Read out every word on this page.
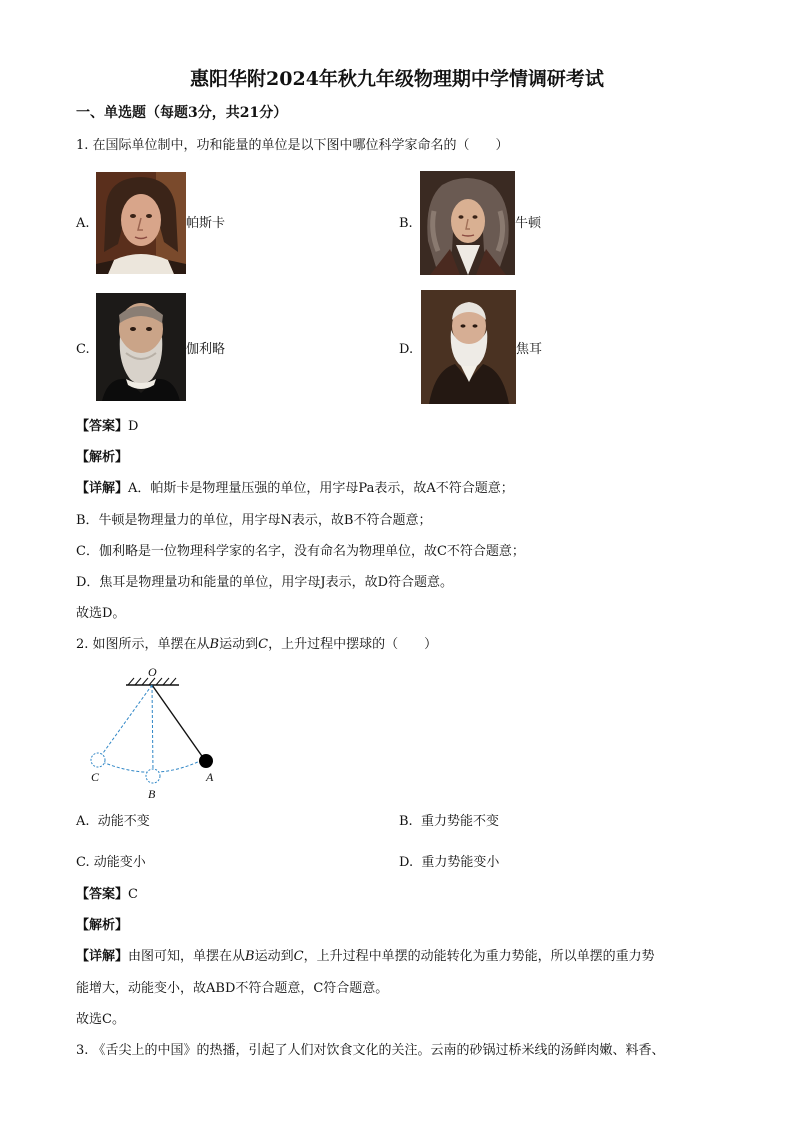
惠阳华附2024年秋九年级物理期中学情调研考试
一、单选题（每题3分，共21分）
1. 在国际单位制中，功和能量的单位是以下图中哪位科学家命名的（　　）
A.	帕斯卡	B.	牛顿
C.	伽利略	D.	焦耳
【答案】D
【解析】
【详解】A．帕斯卡是物理量压强的单位，用字母Pa表示，故A不符合题意；
B．牛顿是物理量力的单位，用字母N表示，故B不符合题意；
C．伽利略是一位物理科学家的名字，没有命名为物理单位，故C不符合题意；
D．焦耳是物理量功和能量的单位，用字母J表示，故D符合题意。
故选D。
2. 如图所示，单摆在从B运动到C，上升过程中摆球的（　　）
O
C
B
A
A. 动能不变	B. 重力势能不变
C. 动能变小	D. 重力势能变小
【答案】C
【解析】
【详解】由图可知，单摆在从B运动到C，上升过程中单摆的动能转化为重力势能，所以单摆的重力势
能增大，动能变小，故ABD不符合题意，C符合题意。
故选C。
3. 《舌尖上的中国》的热播，引起了人们对饮食文化的关注。云南的砂锅过桥米线的汤鲜肉嫩、料香、
